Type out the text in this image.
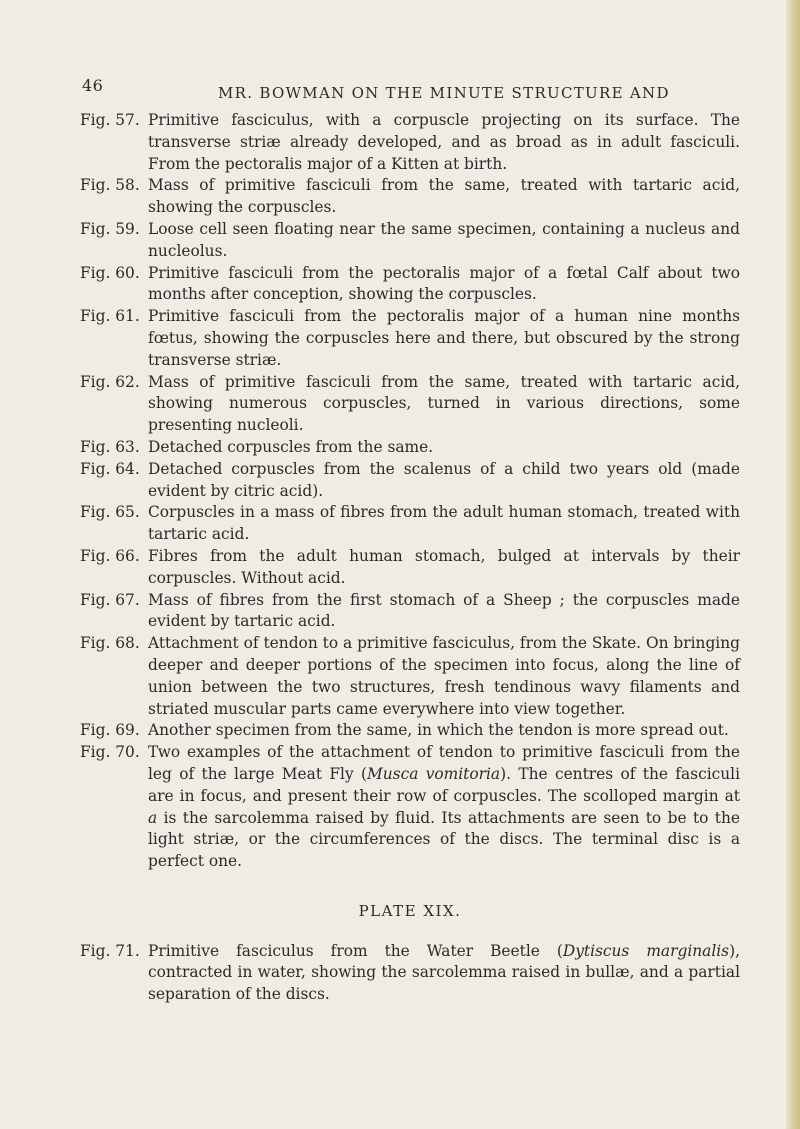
46	MR. BOWMAN ON THE MINUTE STRUCTURE AND
Fig. 57. Primitive fasciculus, with a corpuscle projecting on its surface. The transverse striæ already developed, and as broad as in adult fasciculi. From the pectoralis major of a Kitten at birth.
Fig. 58. Mass of primitive fasciculi from the same, treated with tartaric acid, showing the corpuscles.
Fig. 59. Loose cell seen floating near the same specimen, containing a nucleus and nucleolus.
Fig. 60. Primitive fasciculi from the pectoralis major of a fœtal Calf about two months after conception, showing the corpuscles.
Fig. 61. Primitive fasciculi from the pectoralis major of a human nine months fœtus, showing the corpuscles here and there, but obscured by the strong transverse striæ.
Fig. 62. Mass of primitive fasciculi from the same, treated with tartaric acid, showing numerous corpuscles, turned in various directions, some presenting nucleoli.
Fig. 63. Detached corpuscles from the same.
Fig. 64. Detached corpuscles from the scalenus of a child two years old (made evident by citric acid).
Fig. 65. Corpuscles in a mass of fibres from the adult human stomach, treated with tartaric acid.
Fig. 66. Fibres from the adult human stomach, bulged at intervals by their corpuscles. Without acid.
Fig. 67. Mass of fibres from the first stomach of a Sheep ; the corpuscles made evident by tartaric acid.
Fig. 68. Attachment of tendon to a primitive fasciculus, from the Skate. On bringing deeper and deeper portions of the specimen into focus, along the line of union between the two structures, fresh tendinous wavy filaments and striated muscular parts came everywhere into view together.
Fig. 69. Another specimen from the same, in which the tendon is more spread out.
Fig. 70. Two examples of the attachment of tendon to primitive fasciculi from the leg of the large Meat Fly (Musca vomitoria). The centres of the fasciculi are in focus, and present their row of corpuscles. The scolloped margin at a is the sarcolemma raised by fluid. Its attachments are seen to be to the light striæ, or the circumferences of the discs. The terminal disc is a perfect one.
PLATE XIX.
Fig. 71. Primitive fasciculus from the Water Beetle (Dytiscus marginalis), contracted in water, showing the sarcolemma raised in bullæ, and a partial separation of the discs.
